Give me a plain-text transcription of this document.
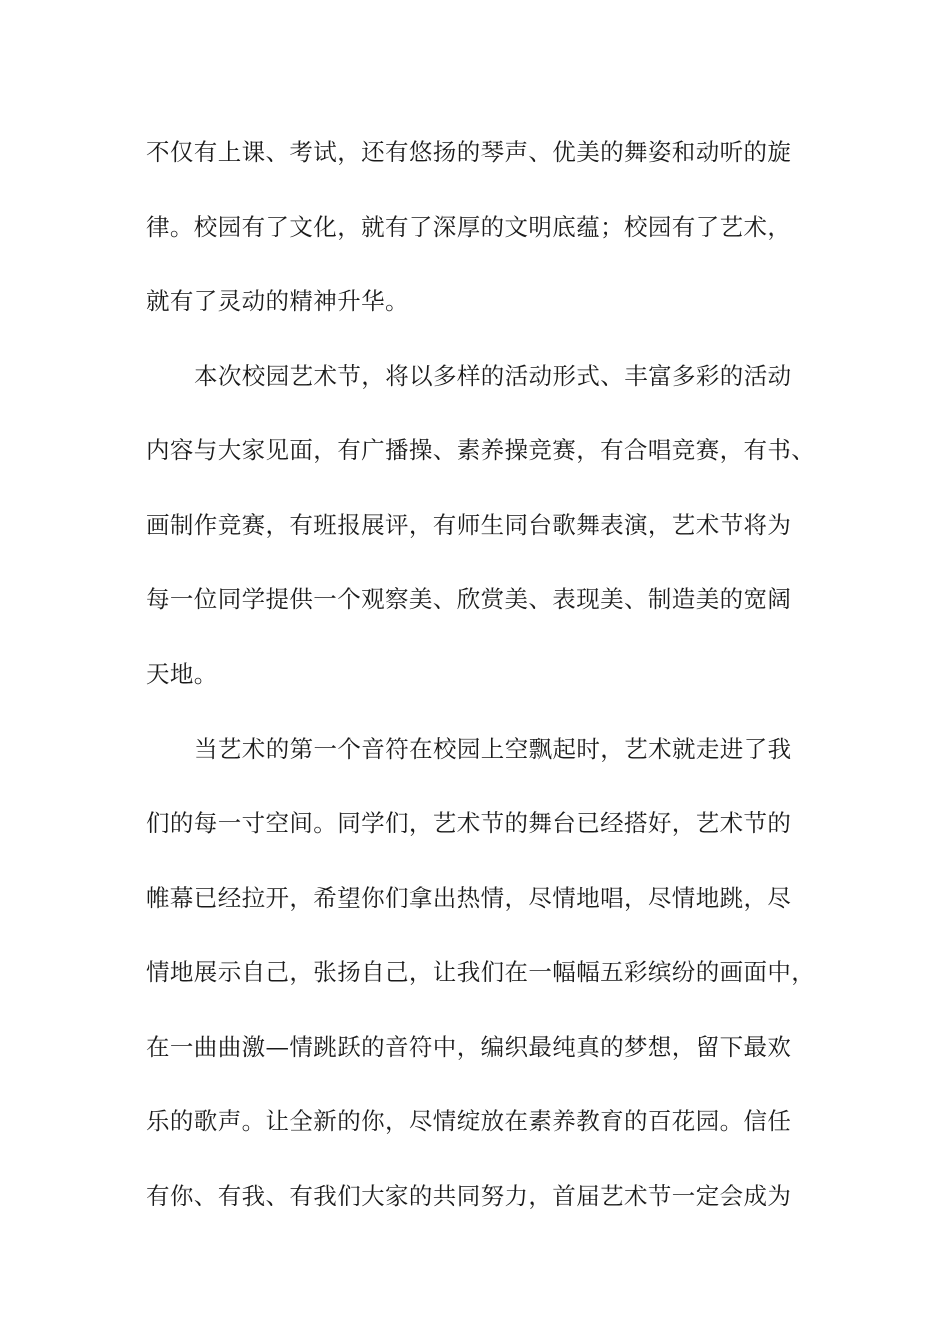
不仅有上课、考试，还有悠扬的琴声、优美的舞姿和动听的旋
律。校园有了文化，就有了深厚的文明底蕴；校园有了艺术，
就有了灵动的精神升华。
本次校园艺术节，将以多样的活动形式、丰富多彩的活动
内容与大家见面，有广播操、素养操竞赛，有合唱竞赛，有书、
画制作竞赛，有班报展评，有师生同台歌舞表演，艺术节将为
每一位同学提供一个观察美、欣赏美、表现美、制造美的宽阔
天地。
当艺术的第一个音符在校园上空飘起时，艺术就走进了我
们的每一寸空间。同学们，艺术节的舞台已经搭好，艺术节的
帷幕已经拉开，希望你们拿出热情，尽情地唱，尽情地跳，尽
情地展示自己，张扬自己，让我们在一幅幅五彩缤纷的画面中，
在一曲曲激—情跳跃的音符中，编织最纯真的梦想，留下最欢
乐的歌声。让全新的你，尽情绽放在素养教育的百花园。信任
有你、有我、有我们大家的共同努力，首届艺术节一定会成为
